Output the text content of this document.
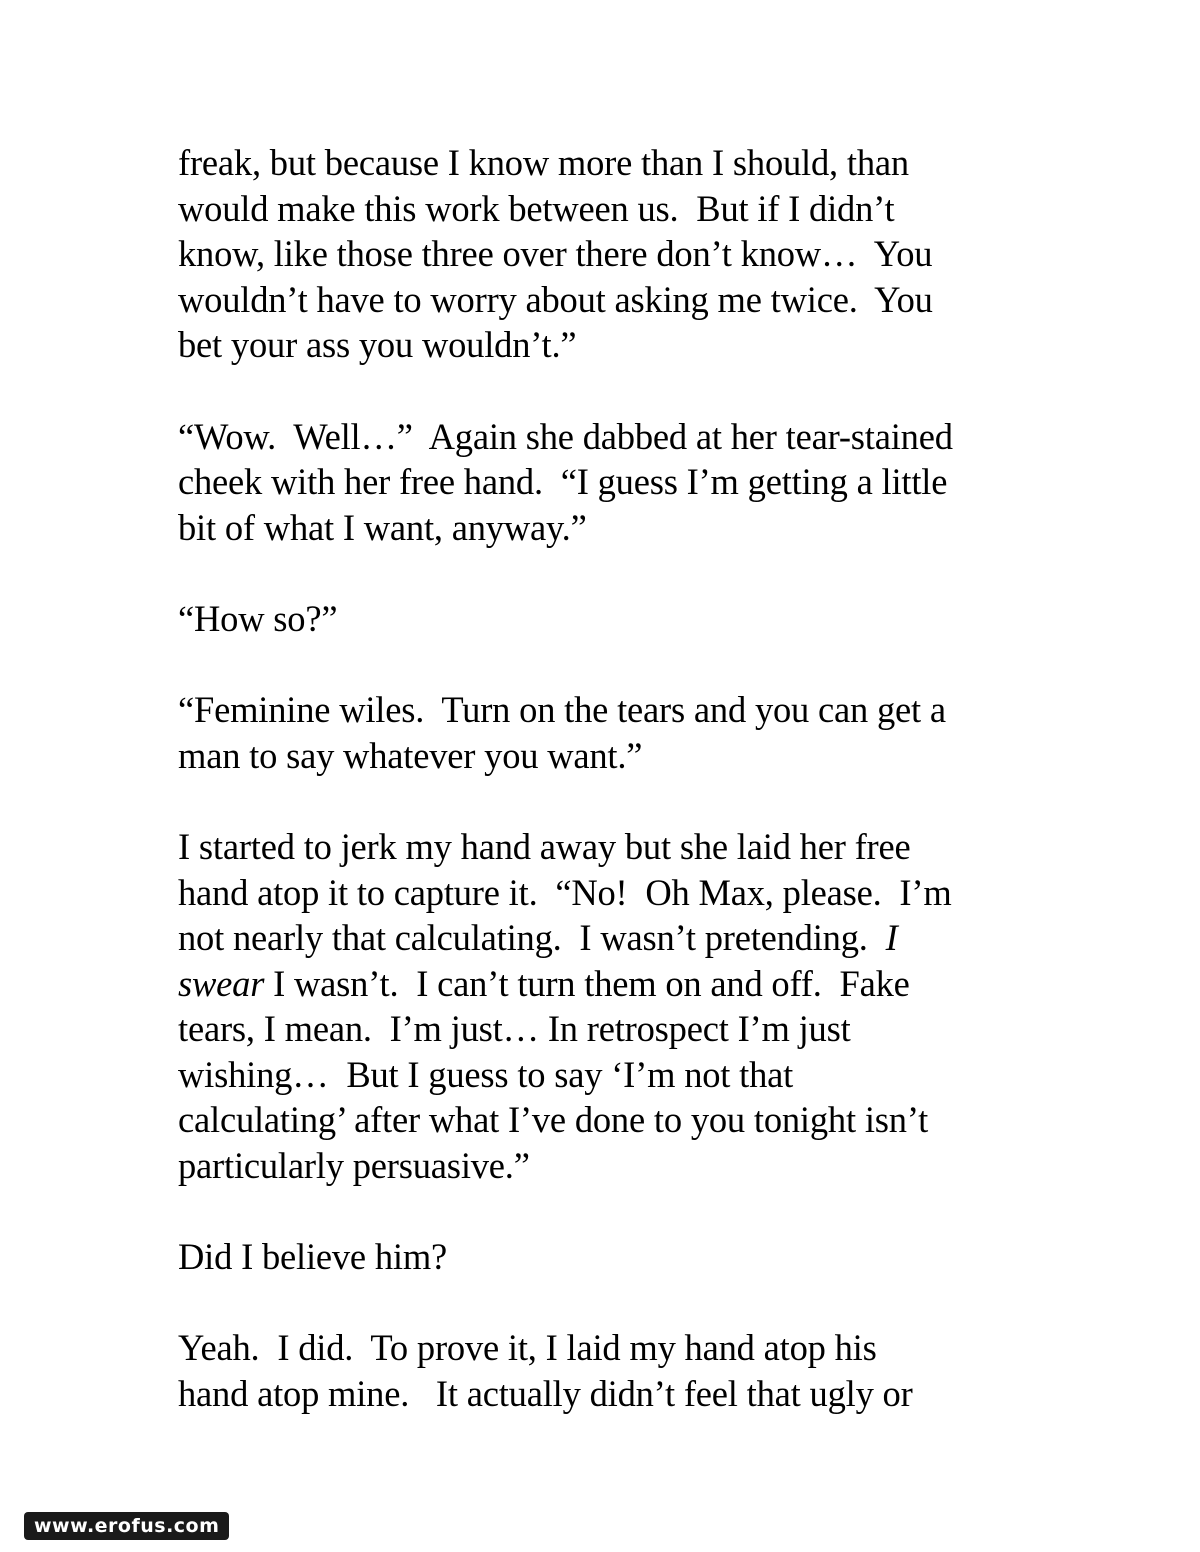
freak, but because I know more than I should, than
would make this work between us.  But if I didn’t
know, like those three over there don’t know…  You
wouldn’t have to worry about asking me twice.  You
bet your ass you wouldn’t.”

“Wow.  Well…”  Again she dabbed at her tear-stained
cheek with her free hand.  “I guess I’m getting a little
bit of what I want, anyway.”

“How so?”

“Feminine wiles.  Turn on the tears and you can get a
man to say whatever you want.”

I started to jerk my hand away but she laid her free
hand atop it to capture it.  “No!  Oh Max, please.  I’m
not nearly that calculating.  I wasn’t pretending.  I
swear I wasn’t.  I can’t turn them on and off.  Fake
tears, I mean.  I’m just… In retrospect I’m just
wishing…  But I guess to say ‘I’m not that
calculating’ after what I’ve done to you tonight isn’t
particularly persuasive.”

Did I believe him?

Yeah.  I did.  To prove it, I laid my hand atop his
hand atop mine.   It actually didn’t feel that ugly or

www.erofus.com
